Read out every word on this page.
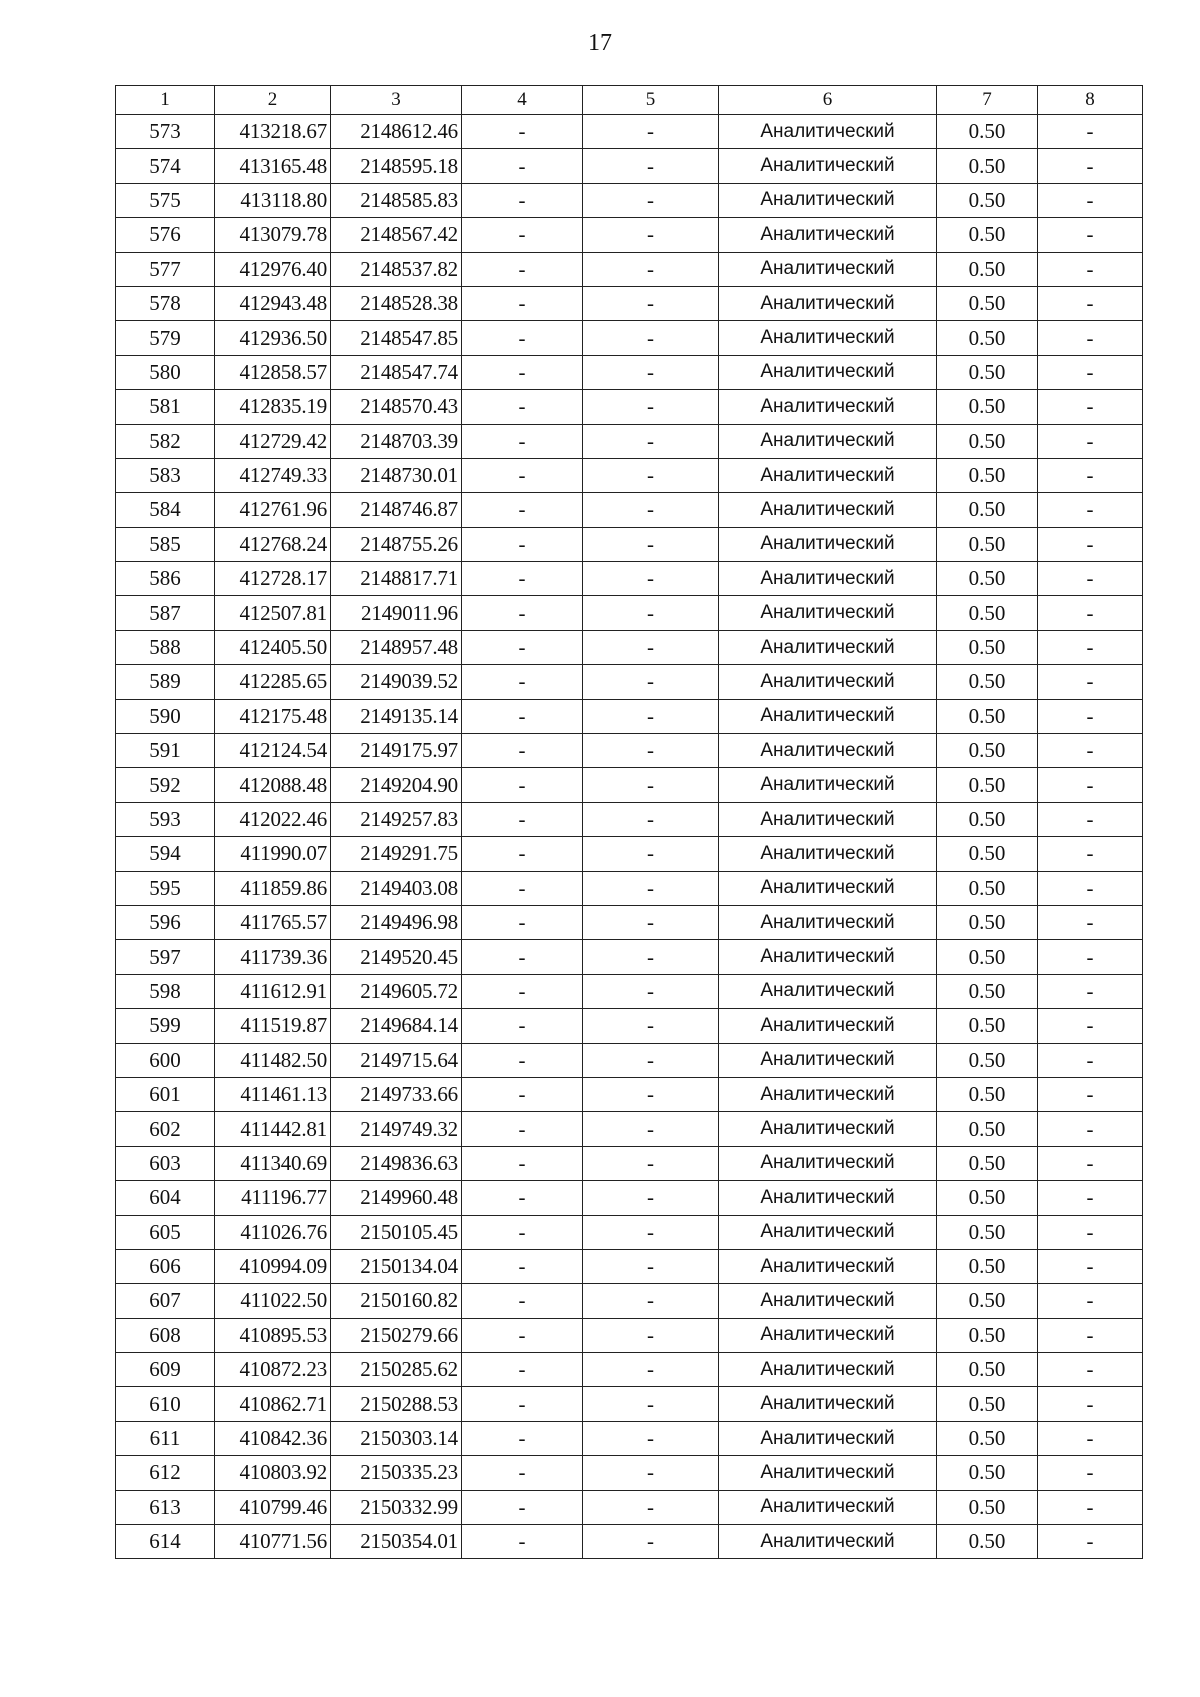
17
1	2	3	4	5	6	7	8
573	413218.67	2148612.46	-	-	Аналитический	0.50	-
574	413165.48	2148595.18	-	-	Аналитический	0.50	-
575	413118.80	2148585.83	-	-	Аналитический	0.50	-
576	413079.78	2148567.42	-	-	Аналитический	0.50	-
577	412976.40	2148537.82	-	-	Аналитический	0.50	-
578	412943.48	2148528.38	-	-	Аналитический	0.50	-
579	412936.50	2148547.85	-	-	Аналитический	0.50	-
580	412858.57	2148547.74	-	-	Аналитический	0.50	-
581	412835.19	2148570.43	-	-	Аналитический	0.50	-
582	412729.42	2148703.39	-	-	Аналитический	0.50	-
583	412749.33	2148730.01	-	-	Аналитический	0.50	-
584	412761.96	2148746.87	-	-	Аналитический	0.50	-
585	412768.24	2148755.26	-	-	Аналитический	0.50	-
586	412728.17	2148817.71	-	-	Аналитический	0.50	-
587	412507.81	2149011.96	-	-	Аналитический	0.50	-
588	412405.50	2148957.48	-	-	Аналитический	0.50	-
589	412285.65	2149039.52	-	-	Аналитический	0.50	-
590	412175.48	2149135.14	-	-	Аналитический	0.50	-
591	412124.54	2149175.97	-	-	Аналитический	0.50	-
592	412088.48	2149204.90	-	-	Аналитический	0.50	-
593	412022.46	2149257.83	-	-	Аналитический	0.50	-
594	411990.07	2149291.75	-	-	Аналитический	0.50	-
595	411859.86	2149403.08	-	-	Аналитический	0.50	-
596	411765.57	2149496.98	-	-	Аналитический	0.50	-
597	411739.36	2149520.45	-	-	Аналитический	0.50	-
598	411612.91	2149605.72	-	-	Аналитический	0.50	-
599	411519.87	2149684.14	-	-	Аналитический	0.50	-
600	411482.50	2149715.64	-	-	Аналитический	0.50	-
601	411461.13	2149733.66	-	-	Аналитический	0.50	-
602	411442.81	2149749.32	-	-	Аналитический	0.50	-
603	411340.69	2149836.63	-	-	Аналитический	0.50	-
604	411196.77	2149960.48	-	-	Аналитический	0.50	-
605	411026.76	2150105.45	-	-	Аналитический	0.50	-
606	410994.09	2150134.04	-	-	Аналитический	0.50	-
607	411022.50	2150160.82	-	-	Аналитический	0.50	-
608	410895.53	2150279.66	-	-	Аналитический	0.50	-
609	410872.23	2150285.62	-	-	Аналитический	0.50	-
610	410862.71	2150288.53	-	-	Аналитический	0.50	-
611	410842.36	2150303.14	-	-	Аналитический	0.50	-
612	410803.92	2150335.23	-	-	Аналитический	0.50	-
613	410799.46	2150332.99	-	-	Аналитический	0.50	-
614	410771.56	2150354.01	-	-	Аналитический	0.50	-
